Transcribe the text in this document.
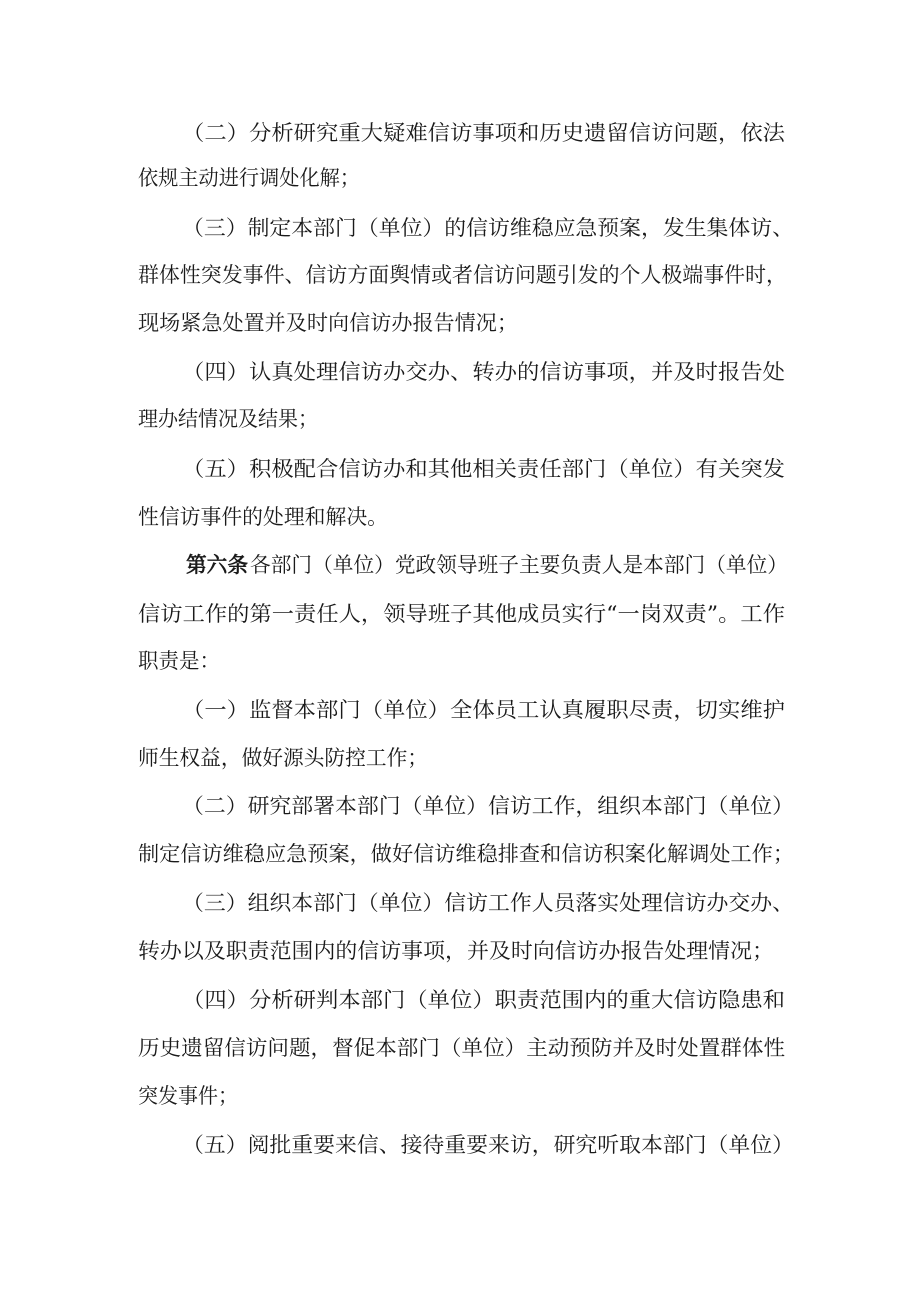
（二）分析研究重大疑难信访事项和历史遗留信访问题，依法
依规主动进行调处化解；
（三）制定本部门（单位）的信访维稳应急预案，发生集体访、
群体性突发事件、信访方面舆情或者信访问题引发的个人极端事件时，
现场紧急处置并及时向信访办报告情况；
（四）认真处理信访办交办、转办的信访事项，并及时报告处
理办结情况及结果；
（五）积极配合信访办和其他相关责任部门（单位）有关突发
性信访事件的处理和解决。
第六条 各部门（单位）党政领导班子主要负责人是本部门（单位）
信访工作的第一责任人，领导班子其他成员实行“一岗双责”。工作
职责是：
（一）监督本部门（单位）全体员工认真履职尽责，切实维护
师生权益，做好源头防控工作；
（二）研究部署本部门（单位）信访工作，组织本部门（单位）
制定信访维稳应急预案，做好信访维稳排查和信访积案化解调处工作；
（三）组织本部门（单位）信访工作人员落实处理信访办交办、
转办以及职责范围内的信访事项，并及时向信访办报告处理情况；
（四）分析研判本部门（单位）职责范围内的重大信访隐患和
历史遗留信访问题，督促本部门（单位）主动预防并及时处置群体性
突发事件；
（五）阅批重要来信、接待重要来访，研究听取本部门（单位）
